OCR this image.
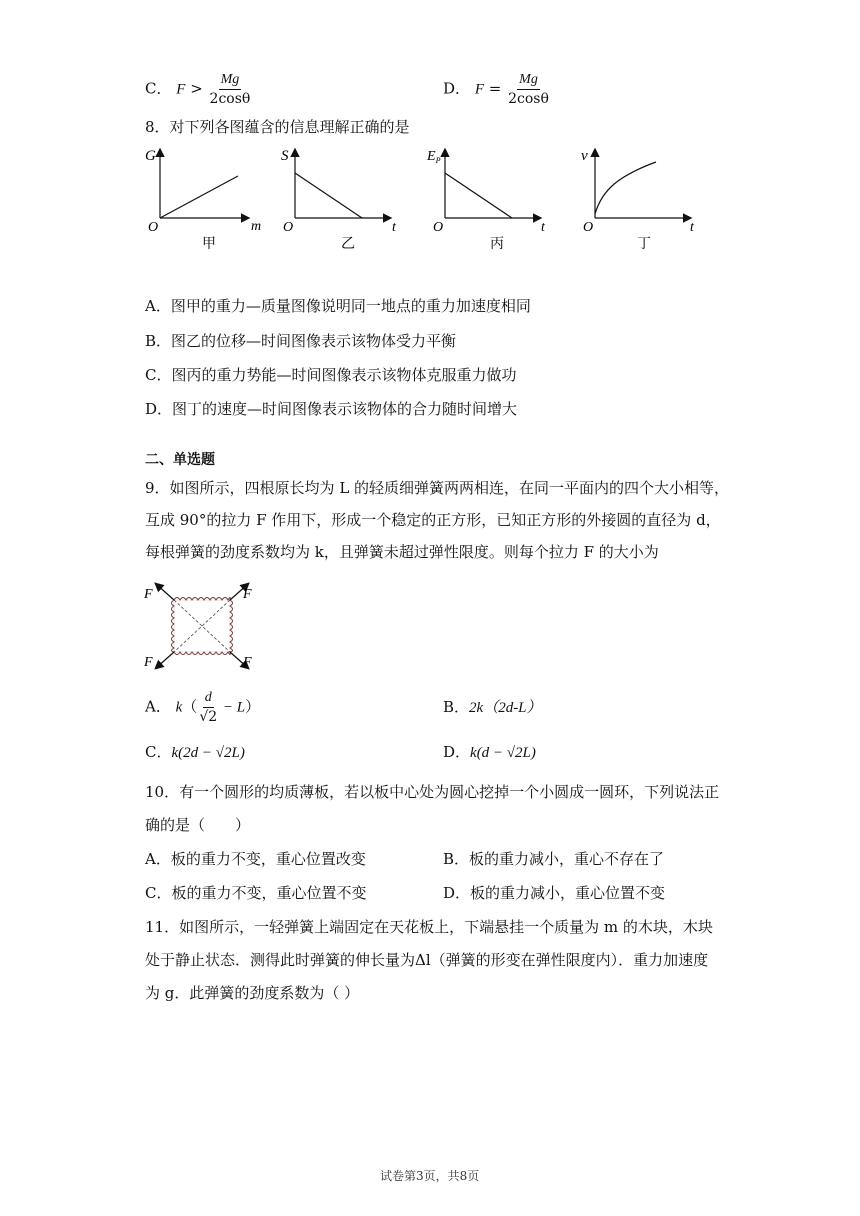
C． $F > \frac{Mg}{2\cos\theta}$	D． $F = \frac{Mg}{2\cos\theta}$
8．对下列各图蕴含的信息理解正确的是
G
m
O
甲
S
t
O
乙
$E_P$
t
O
丙
v
t
O
丁
A．图甲的重力—质量图像说明同一地点的重力加速度相同
B．图乙的位移—时间图像表示该物体受力平衡
C．图丙的重力势能—时间图像表示该物体克服重力做功
D．图丁的速度—时间图像表示该物体的合力随时间增大
二、单选题
9．如图所示，四根原长均为 L 的轻质细弹簧两两相连，在同一平面内的四个大小相等，
互成 90°的拉力 F 作用下，形成一个稳定的正方形，已知正方形的外接圆的直径为 d，
每根弹簧的劲度系数均为 k，且弹簧未超过弹性限度。则每个拉力 F 的大小为
F	F
F	F
A． $k( \frac{d}{√2} - L)$	B．2k（2d-L）
C．k(2d − √2L)	D．k(d − √2L)
10．有一个圆形的均质薄板，若以板中心处为圆心挖掉一个小圆成一圆环，下列说法正
确的是（　　）
A．板的重力不变，重心位置改变	B．板的重力减小，重心不存在了
C．板的重力不变，重心位置不变	D．板的重力减小，重心位置不变
11．如图所示，一轻弹簧上端固定在天花板上，下端悬挂一个质量为 m 的木块，木块
处于静止状态．测得此时弹簧的伸长量为Δl（弹簧的形变在弹性限度内）．重力加速度
为 g．此弹簧的劲度系数为（ ）
试卷第3页，共8页
